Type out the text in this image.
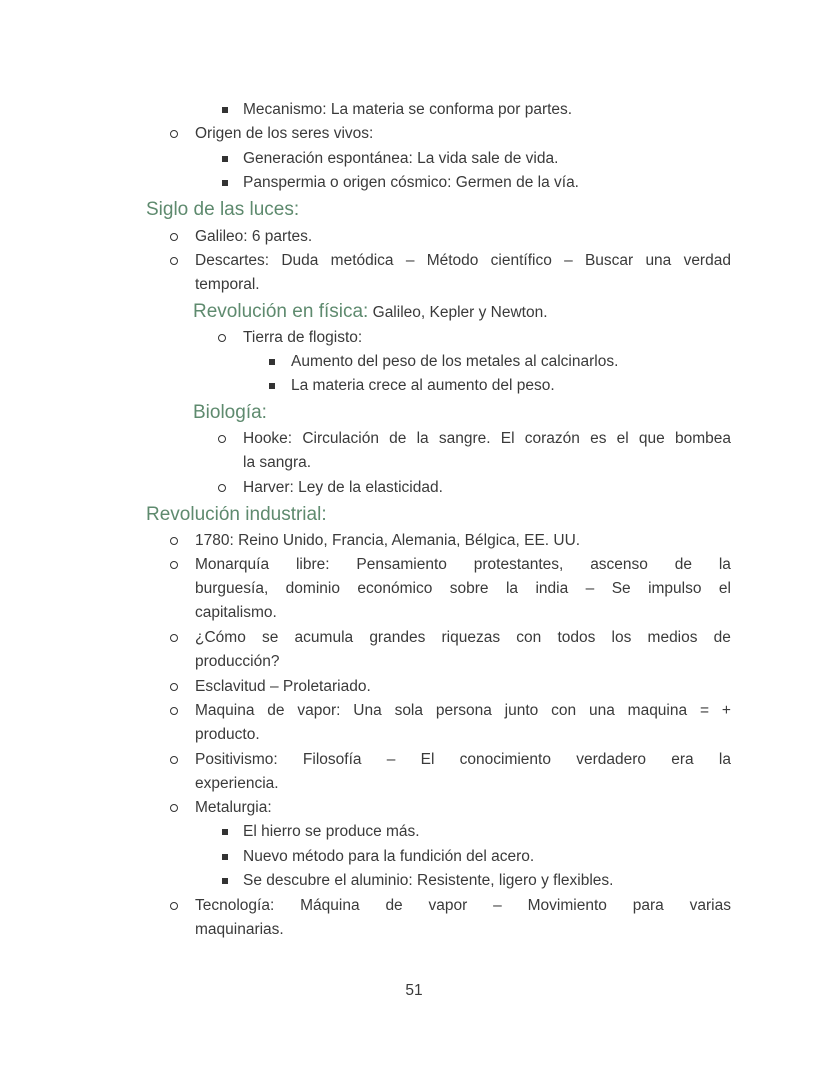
Mecanismo: La materia se conforma por partes.
Origen de los seres vivos:
Generación espontánea: La vida sale de vida.
Panspermia o origen cósmico: Germen de la vía.
Siglo de las luces:
Galileo: 6 partes.
Descartes: Duda metódica – Método científico – Buscar una verdad
temporal.
Revolución en física: Galileo, Kepler y Newton.
Tierra de flogisto:
Aumento del peso de los metales al calcinarlos.
La materia crece al aumento del peso.
Biología:
Hooke: Circulación de la sangre. El corazón es el que bombea
la sangra.
Harver: Ley de la elasticidad.
Revolución industrial:
1780: Reino Unido, Francia, Alemania, Bélgica, EE. UU.
Monarquía libre: Pensamiento protestantes, ascenso de la
burguesía, dominio económico sobre la india – Se impulso el
capitalismo.
¿Cómo se acumula grandes riquezas con todos los medios de
producción?
Esclavitud – Proletariado.
Maquina de vapor: Una sola persona junto con una maquina = +
producto.
Positivismo: Filosofía – El conocimiento verdadero era la
experiencia.
Metalurgia:
El hierro se produce más.
Nuevo método para la fundición del acero.
Se descubre el aluminio: Resistente, ligero y flexibles.
Tecnología: Máquina de vapor – Movimiento para varias
maquinarias.
51
